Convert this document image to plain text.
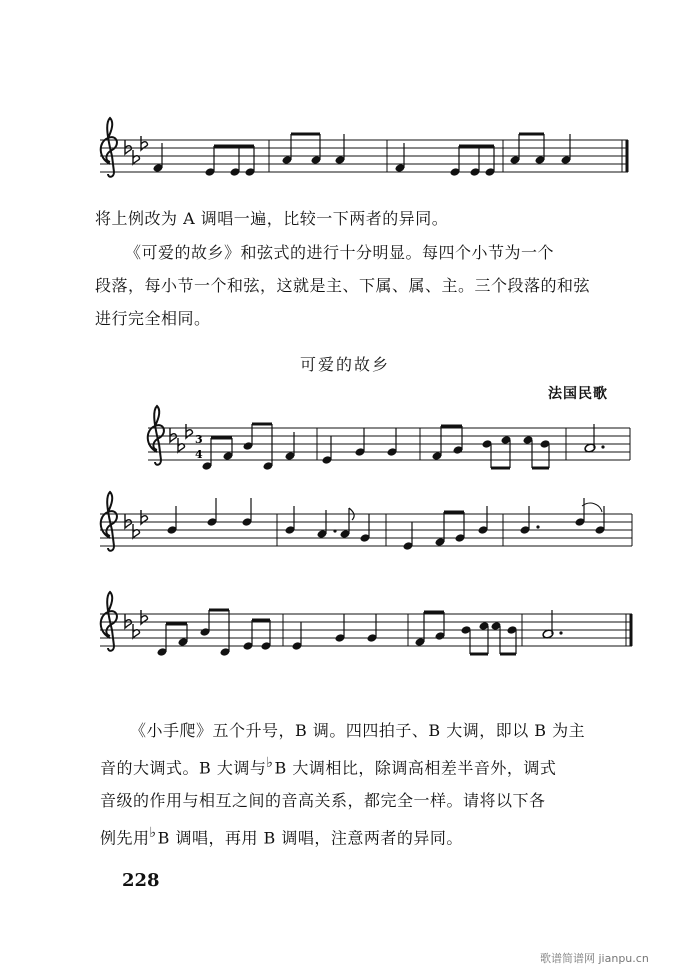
3
4
将上例改为 A 调唱一遍，比较一下两者的异同。
《可爱的故乡》和弦式的进行十分明显。每四个小节为一个
段落，每小节一个和弦，这就是主、下属、属、主。三个段落的和弦
进行完全相同。
可爱的故乡
法国民歌
《小手爬》五个升号，B 调。四四拍子、B 大调，即以 B 为主
音的大调式。B 大调与♭B 大调相比，除调高相差半音外，调式
音级的作用与相互之间的音高关系，都完全一样。请将以下各
例先用♭B 调唱，再用 B 调唱，注意两者的异同。
228
歌谱简谱网 jianpu.cn
